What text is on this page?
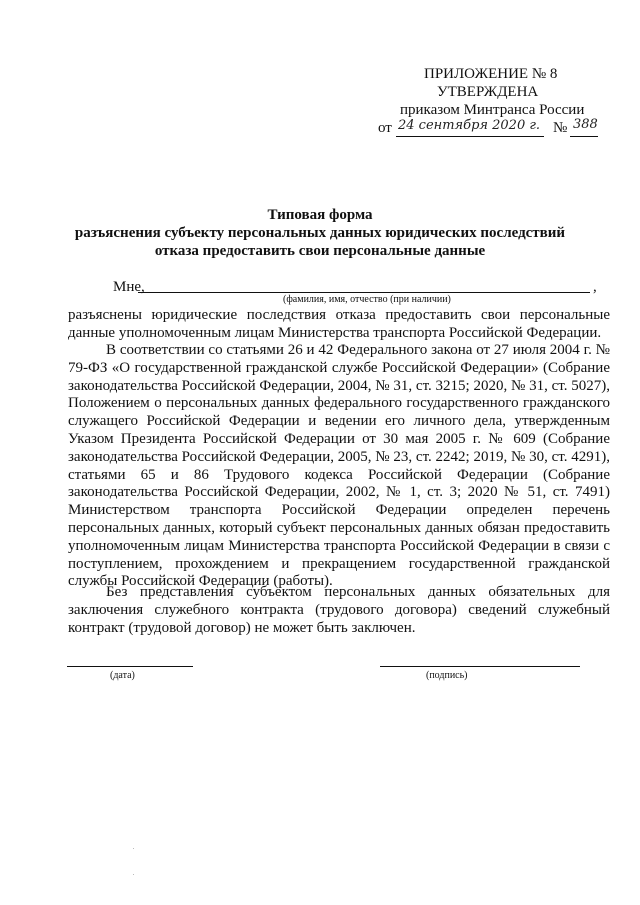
ПРИЛОЖЕНИЕ № 8
УТВЕРЖДЕНА
приказом Минтранса России
от 24 сентября 2020 г. № 388
Типовая форма
разъяснения субъекту персональных данных юридических последствий
отказа предоставить свои персональные данные
Мне,	,
(фамилия, имя, отчество (при наличии)
разъяснены юридические последствия отказа предоставить свои персональные
данные уполномоченным лицам Министерства транспорта Российской Федерации.
В соответствии со статьями 26 и 42 Федерального закона от 27 июля 2004 г. № 79-ФЗ «О государственной гражданской службе Российской Федерации» (Собрание законодательства Российской Федерации, 2004, № 31, ст. 3215; 2020, № 31, ст. 5027), Положением о персональных данных федерального государственного гражданского служащего Российской Федерации и ведении его личного дела, утвержденным Указом Президента Российской Федерации от 30 мая 2005 г. № 609 (Собрание законодательства Российской Федерации, 2005, № 23, ст. 2242; 2019, № 30, ст. 4291), статьями 65 и 86 Трудового кодекса Российской Федерации (Собрание законодательства Российской Федерации, 2002, № 1, ст. 3; 2020 № 51, ст. 7491) Министерством транспорта Российской Федерации определен перечень персональных данных, который субъект персональных данных обязан предоставить уполномоченным лицам Министерства транспорта Российской Федерации в связи с поступлением, прохождением и прекращением государственной гражданской службы Российской Федерации (работы).
Без представления субъектом персональных данных обязательных для заключения служебного контракта (трудового договора) сведений служебный контракт (трудовой договор) не может быть заключен.
(дата)	(подпись)
